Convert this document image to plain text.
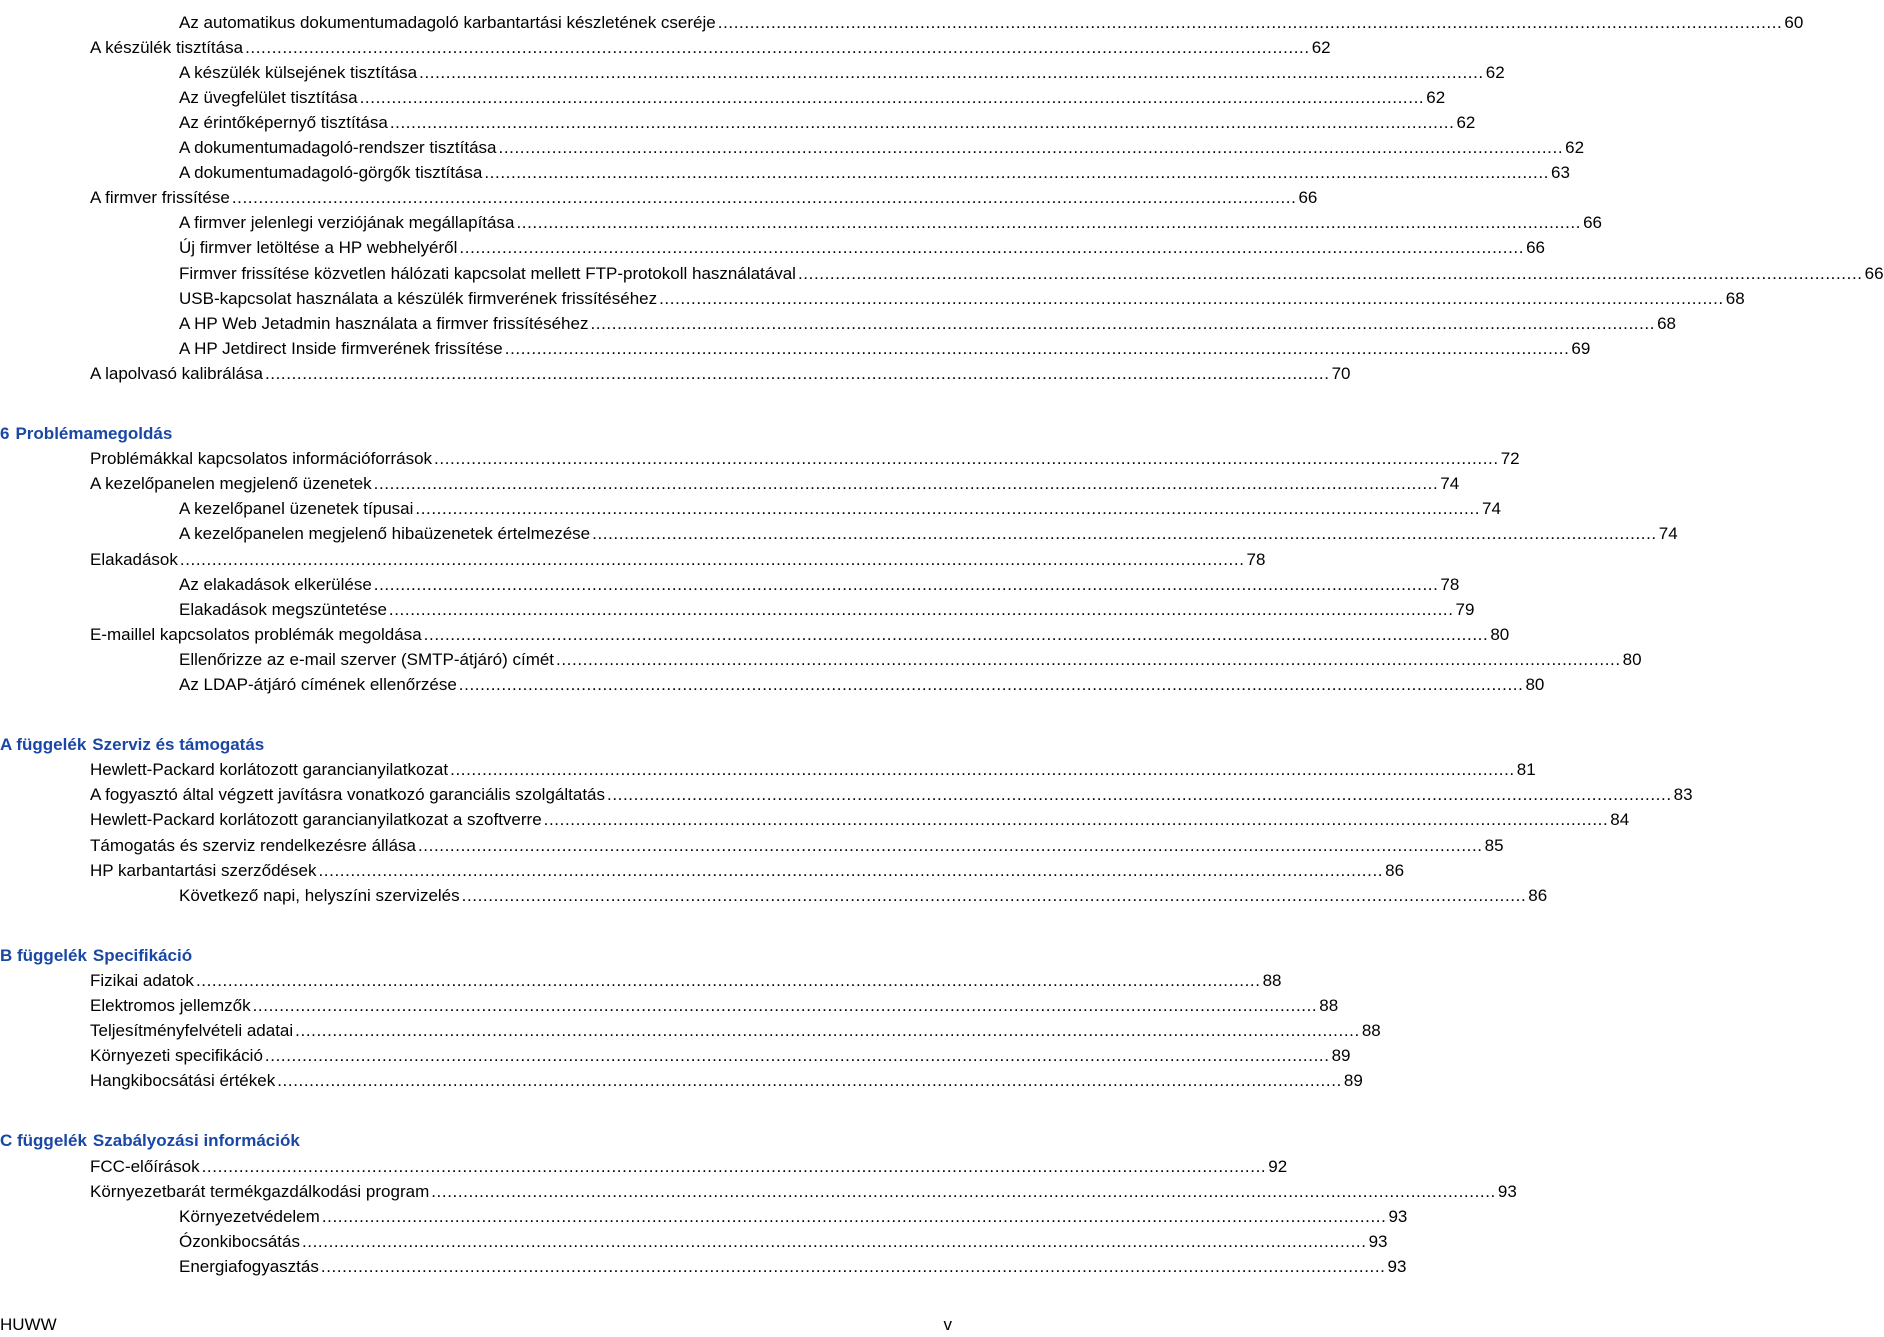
Az automatikus dokumentumadagoló karbantartási készletének cseréje ........................................................................................................................................................................................................ 60
A készülék tisztítása ........................................................................................................................................................................................................ 62
A készülék külsejének tisztítása ........................................................................................................................................................................................................ 62
Az üvegfelület tisztítása ........................................................................................................................................................................................................ 62
Az érintőképernyő tisztítása ........................................................................................................................................................................................................ 62
A dokumentumadagoló-rendszer tisztítása ........................................................................................................................................................................................................ 62
A dokumentumadagoló-görgők tisztítása ........................................................................................................................................................................................................ 63
A firmver frissítése ........................................................................................................................................................................................................ 66
A firmver jelenlegi verziójának megállapítása ........................................................................................................................................................................................................ 66
Új firmver letöltése a HP webhelyéről ........................................................................................................................................................................................................ 66
Firmver frissítése közvetlen hálózati kapcsolat mellett FTP-protokoll használatával ........................................................................................................................................................................................................ 66
USB-kapcsolat használata a készülék firmverének frissítéséhez ........................................................................................................................................................................................................ 68
A HP Web Jetadmin használata a firmver frissítéséhez ........................................................................................................................................................................................................ 68
A HP Jetdirect Inside firmverének frissítése ........................................................................................................................................................................................................ 69
A lapolvasó kalibrálása ........................................................................................................................................................................................................ 70
6 Problémamegoldás
Problémákkal kapcsolatos információforrások ........................................................................................................................................................................................................ 72
A kezelőpanelen megjelenő üzenetek ........................................................................................................................................................................................................ 74
A kezelőpanel üzenetek típusai ........................................................................................................................................................................................................ 74
A kezelőpanelen megjelenő hibaüzenetek értelmezése ........................................................................................................................................................................................................ 74
Elakadások ........................................................................................................................................................................................................ 78
Az elakadások elkerülése ........................................................................................................................................................................................................ 78
Elakadások megszüntetése ........................................................................................................................................................................................................ 79
E-maillel kapcsolatos problémák megoldása ........................................................................................................................................................................................................ 80
Ellenőrizze az e-mail szerver (SMTP-átjáró) címét ........................................................................................................................................................................................................ 80
Az LDAP-átjáró címének ellenőrzése ........................................................................................................................................................................................................ 80
A függelék Szerviz és támogatás
Hewlett-Packard korlátozott garancianyilatkozat ........................................................................................................................................................................................................ 81
A fogyasztó által végzett javításra vonatkozó garanciális szolgáltatás ........................................................................................................................................................................................................ 83
Hewlett-Packard korlátozott garancianyilatkozat a szoftverre ........................................................................................................................................................................................................ 84
Támogatás és szerviz rendelkezésre állása ........................................................................................................................................................................................................ 85
HP karbantartási szerződések ........................................................................................................................................................................................................ 86
Következő napi, helyszíni szervizelés ........................................................................................................................................................................................................ 86
B függelék Specifikáció
Fizikai adatok ........................................................................................................................................................................................................ 88
Elektromos jellemzők ........................................................................................................................................................................................................ 88
Teljesítményfelvételi adatai ........................................................................................................................................................................................................ 88
Környezeti specifikáció ........................................................................................................................................................................................................ 89
Hangkibocsátási értékek ........................................................................................................................................................................................................ 89
C függelék Szabályozási információk
FCC-előírások ........................................................................................................................................................................................................ 92
Környezetbarát termékgazdálkodási program ........................................................................................................................................................................................................ 93
Környezetvédelem ........................................................................................................................................................................................................ 93
Ózonkibocsátás ........................................................................................................................................................................................................ 93
Energiafogyasztás ........................................................................................................................................................................................................ 93
HUWW	v
